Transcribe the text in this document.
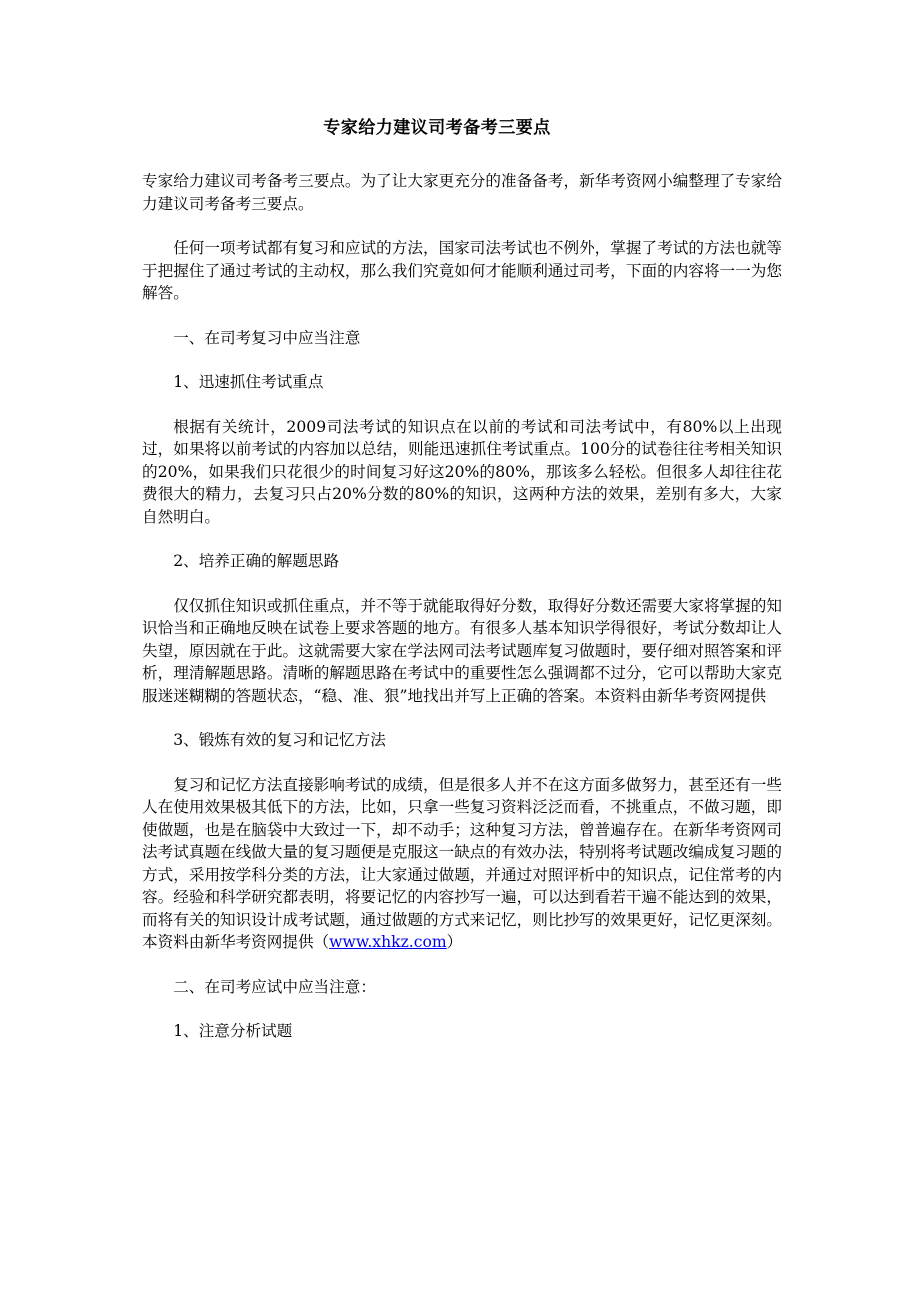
专家给力建议司考备考三要点

专家给力建议司考备考三要点。为了让大家更充分的准备备考，新华考资网小编整理了专家给力建议司考备考三要点。

任何一项考试都有复习和应试的方法，国家司法考试也不例外，掌握了考试的方法也就等于把握住了通过考试的主动权，那么我们究竟如何才能顺利通过司考，下面的内容将一一为您解答。

一、在司考复习中应当注意

1、迅速抓住考试重点

根据有关统计，2009司法考试的知识点在以前的考试和司法考试中，有80%以上出现过，如果将以前考试的内容加以总结，则能迅速抓住考试重点。100分的试卷往往考相关知识的20%，如果我们只花很少的时间复习好这20%的80%，那该多么轻松。但很多人却往往花费很大的精力，去复习只占20%分数的80%的知识，这两种方法的效果，差别有多大，大家自然明白。

2、培养正确的解题思路

仅仅抓住知识或抓住重点，并不等于就能取得好分数，取得好分数还需要大家将掌握的知识恰当和正确地反映在试卷上要求答题的地方。有很多人基本知识学得很好，考试分数却让人失望，原因就在于此。这就需要大家在学法网司法考试题库复习做题时，要仔细对照答案和评析，理清解题思路。清晰的解题思路在考试中的重要性怎么强调都不过分，它可以帮助大家克服迷迷糊糊的答题状态，“稳、准、狠”地找出并写上正确的答案。本资料由新华考资网提供

3、锻炼有效的复习和记忆方法

复习和记忆方法直接影响考试的成绩，但是很多人并不在这方面多做努力，甚至还有一些人在使用效果极其低下的方法，比如，只拿一些复习资料泛泛而看，不挑重点，不做习题，即使做题，也是在脑袋中大致过一下，却不动手；这种复习方法，曾普遍存在。在新华考资网司法考试真题在线做大量的复习题便是克服这一缺点的有效办法，特别将考试题改编成复习题的方式，采用按学科分类的方法，让大家通过做题，并通过对照评析中的知识点，记住常考的内容。经验和科学研究都表明，将要记忆的内容抄写一遍，可以达到看若干遍不能达到的效果，而将有关的知识设计成考试题，通过做题的方式来记忆，则比抄写的效果更好，记忆更深刻。本资料由新华考资网提供（www.xhkz.com）

二、在司考应试中应当注意：

1、注意分析试题
